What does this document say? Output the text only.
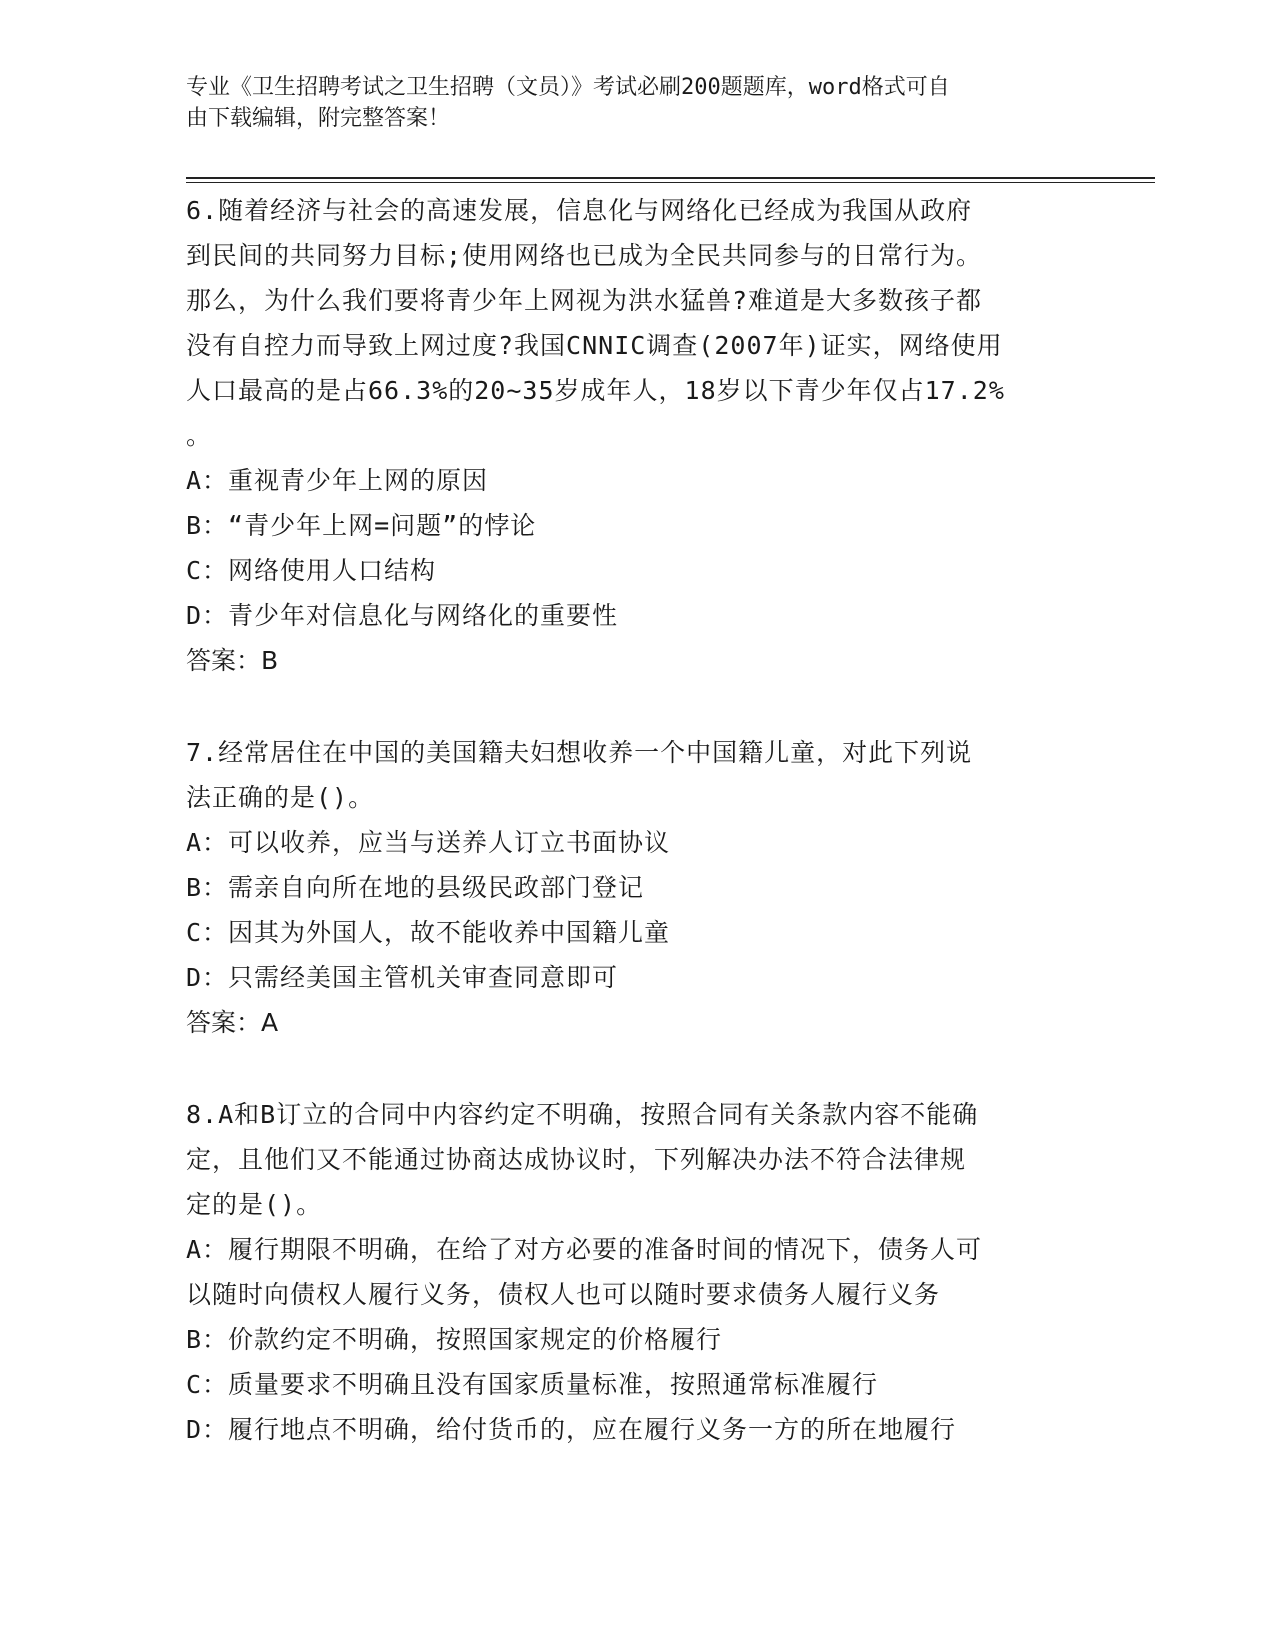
专业《卫生招聘考试之卫生招聘（文员）》考试必刷200题题库，word格式可自
由下载编辑，附完整答案！

6.随着经济与社会的高速发展，信息化与网络化已经成为我国从政府

到民间的共同努力目标;使用网络也已成为全民共同参与的日常行为。

那么，为什么我们要将青少年上网视为洪水猛兽?难道是大多数孩子都

没有自控力而导致上网过度?我国CNNIC调查(2007年)证实，网络使用

人口最高的是占66.3%的20~35岁成年人，18岁以下青少年仅占17.2%

。

A：重视青少年上网的原因

B：“青少年上网=问题”的悖论

C：网络使用人口结构

D：青少年对信息化与网络化的重要性

答案：B

7.经常居住在中国的美国籍夫妇想收养一个中国籍儿童，对此下列说

法正确的是()。

A：可以收养，应当与送养人订立书面协议

B：需亲自向所在地的县级民政部门登记

C：因其为外国人，故不能收养中国籍儿童

D：只需经美国主管机关审查同意即可

答案：A

8.A和B订立的合同中内容约定不明确，按照合同有关条款内容不能确

定，且他们又不能通过协商达成协议时，下列解决办法不符合法律规

定的是()。

A：履行期限不明确，在给了对方必要的准备时间的情况下，债务人可

以随时向债权人履行义务，债权人也可以随时要求债务人履行义务

B：价款约定不明确，按照国家规定的价格履行

C：质量要求不明确且没有国家质量标准，按照通常标准履行

D：履行地点不明确，给付货币的，应在履行义务一方的所在地履行
